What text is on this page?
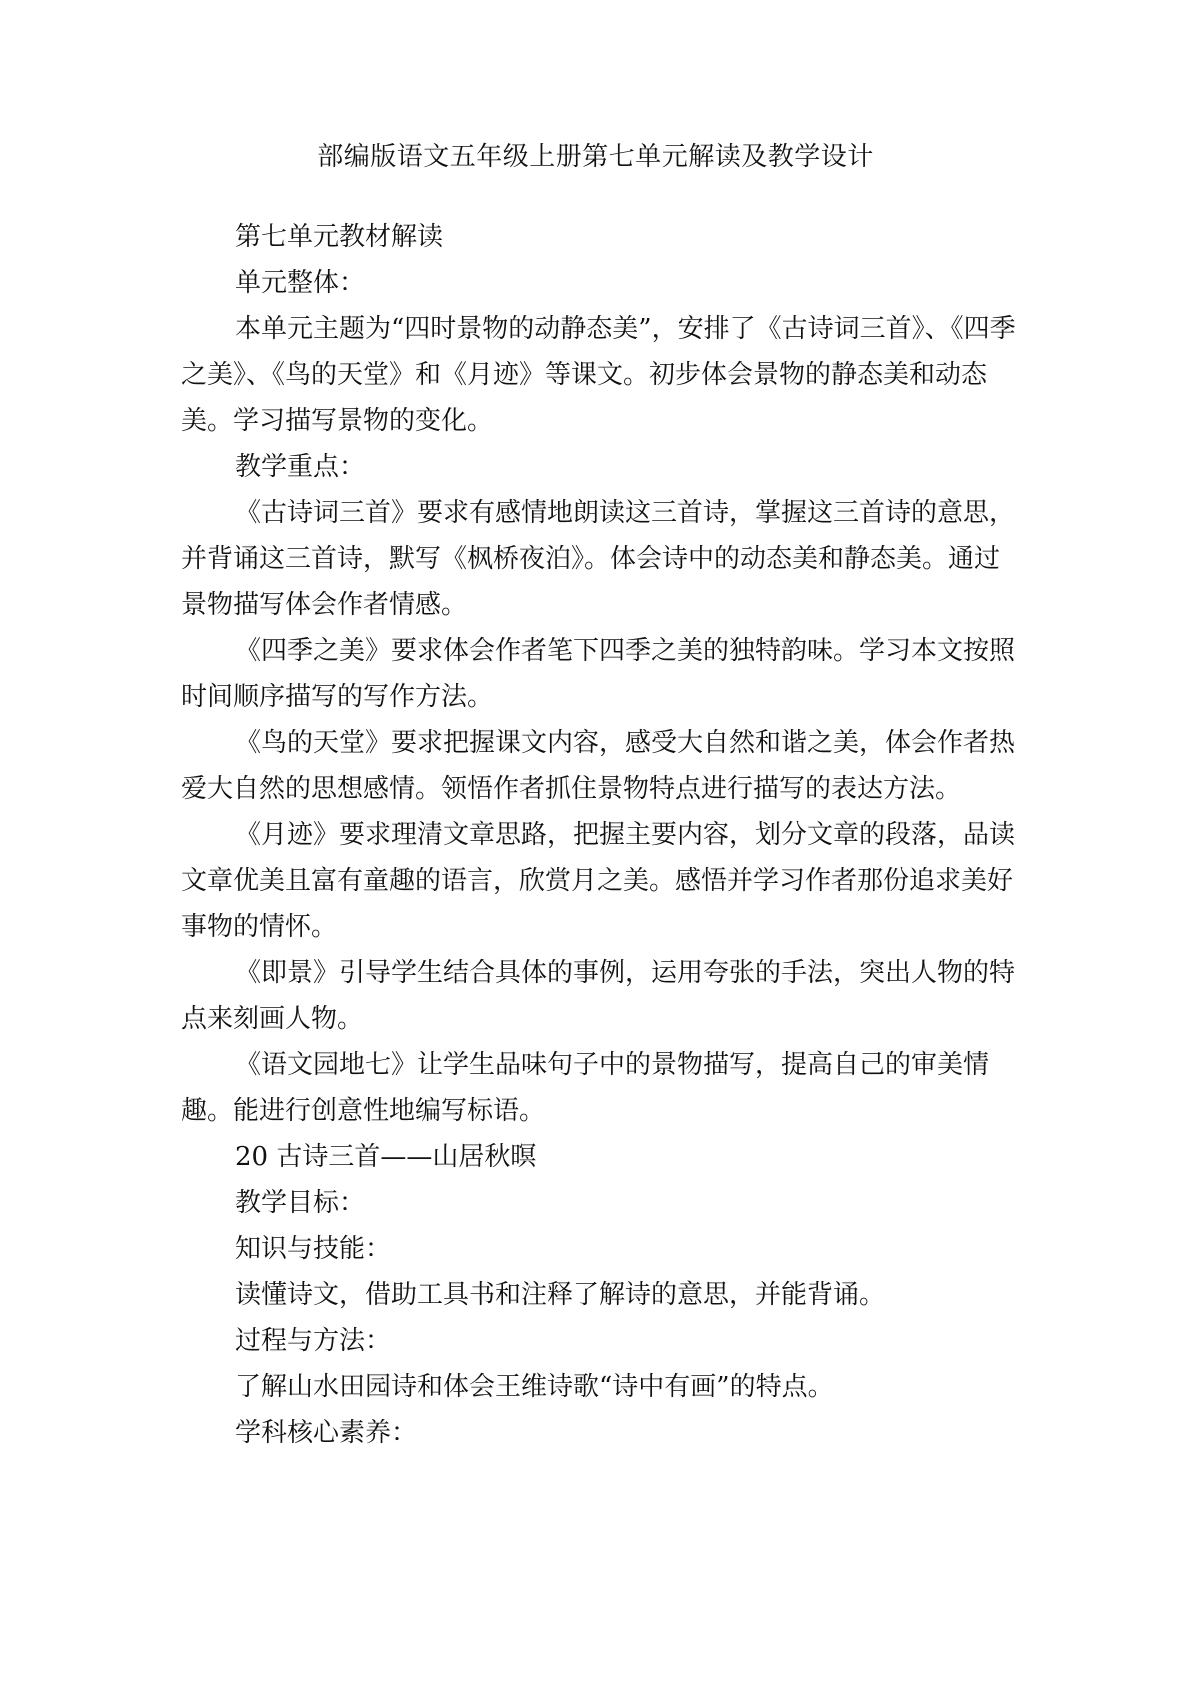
部编版语文五年级上册第七单元解读及教学设计

第七单元教材解读

单元整体：

本单元主题为“四时景物的动静态美”，安排了《古诗词三首》、《四季之美》、《鸟的天堂》和《月迹》等课文。初步体会景物的静态美和动态美。学习描写景物的变化。

教学重点：

《古诗词三首》要求有感情地朗读这三首诗，掌握这三首诗的意思，并背诵这三首诗，默写《枫桥夜泊》。体会诗中的动态美和静态美。通过景物描写体会作者情感。

《四季之美》要求体会作者笔下四季之美的独特韵味。学习本文按照时间顺序描写的写作方法。

《鸟的天堂》要求把握课文内容，感受大自然和谐之美，体会作者热爱大自然的思想感情。领悟作者抓住景物特点进行描写的表达方法。

《月迹》要求理清文章思路，把握主要内容，划分文章的段落，品读文章优美且富有童趣的语言，欣赏月之美。感悟并学习作者那份追求美好事物的情怀。

《即景》引导学生结合具体的事例，运用夸张的手法，突出人物的特点来刻画人物。

《语文园地七》让学生品味句子中的景物描写，提高自己的审美情趣。能进行创意性地编写标语。

20 古诗三首——山居秋暝

教学目标：

知识与技能：

读懂诗文，借助工具书和注释了解诗的意思，并能背诵。

过程与方法：

了解山水田园诗和体会王维诗歌“诗中有画”的特点。

学科核心素养：
